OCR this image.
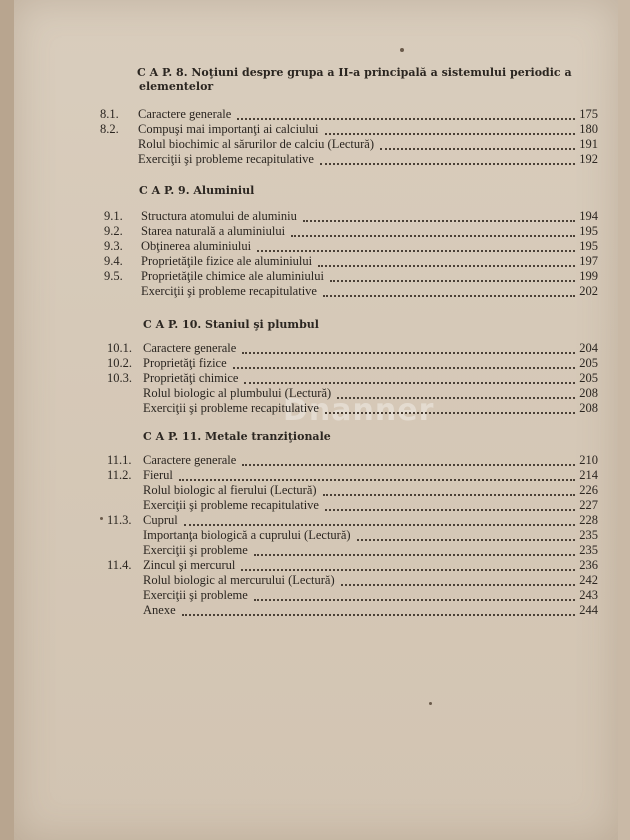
Dnanner
C A P. 8. Noţiuni despre grupa a II-a principală a sistemului periodic a
elementelor
C A P. 9. Aluminiul
C A P. 10. Staniul şi plumbul
C A P. 11. Metale tranziţionale
8.1.	Caractere generale	175
8.2.	Compuşi mai importanţi ai calciului	180
Rolul biochimic al sărurilor de calciu (Lectură)	191
Exerciţii şi probleme recapitulative	192
9.1.	Structura atomului de aluminiu	194
9.2.	Starea naturală a aluminiului	195
9.3.	Obţinerea aluminiului	195
9.4.	Proprietăţile fizice ale aluminiului	197
9.5.	Proprietăţile chimice ale aluminiului	199
Exerciţii şi probleme recapitulative	202
10.1. Caractere generale	204
10.2. Proprietăţi fizice	205
10.3. Proprietăţi chimice	205
Rolul biologic al plumbului (Lectură)	208
Exerciţii şi probleme recapitulative	208
11.1. Caractere generale	210
11.2. Fierul	214
Rolul biologic al fierului (Lectură)	226
Exerciţii şi probleme recapitulative	227
11.3. Cuprul	228
Importanţa biologică a cuprului (Lectură)	235
Exerciţii şi probleme	235
11.4. Zincul şi mercurul	236
Rolul biologic al mercurului (Lectură)	242
Exerciţii şi probleme	243
Anexe	244
